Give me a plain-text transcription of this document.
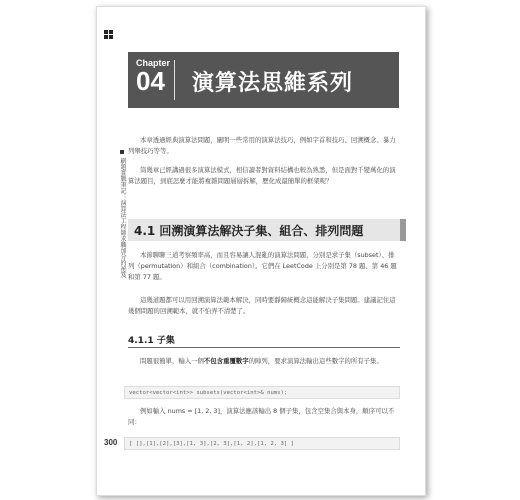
Chapter
04 演算法思維系列
刷題實戰筆記：演算法工程師求職加分的祕笈
本章透過經典演算法問題，闡明一些常用的演算法技巧，例如字首和技巧、回溯概念、暴力列舉技巧等等。
筒幾章已經講過很多演算法模式，相信讀者對資料結構也較為熟悉，但是面對千變萬化的演算法題目，到底怎麼才能將複雜問題層層拆解，歷化成最簡單的框架呢？
4.1 回溯演算法解決子集、組合、排列問題
本節聊聊三道考察頻率高，而且容易讓人混亂的演算法問題，分別是求子集（subset）、排列（permutation）和組合（combination）。它們在 LeetCode 上分別是第 78 題、第 46 題和第 77 題。
這幾道題都可以用回溯演算法範本解決，同時要靜歸統概念這能解決子集問題。建議記住這幾個問題的回溯範本，就不怕弄不清楚了。
4.1.1 子集
問題很簡單，輸入一個不包含重覆數字的陣列，要求演算法輸出這些數字的所有子集。
vector<vector<int>> subsets(vector<int>& nums);
例如輸入 nums = [1, 2, 3]，演算法應該輸出 8 個子集，包含空集合與本身，順序可以不同：
[ [],[1],[2],[3],[1, 3],[2, 3],[1, 2],[1, 2, 3] ]
300
